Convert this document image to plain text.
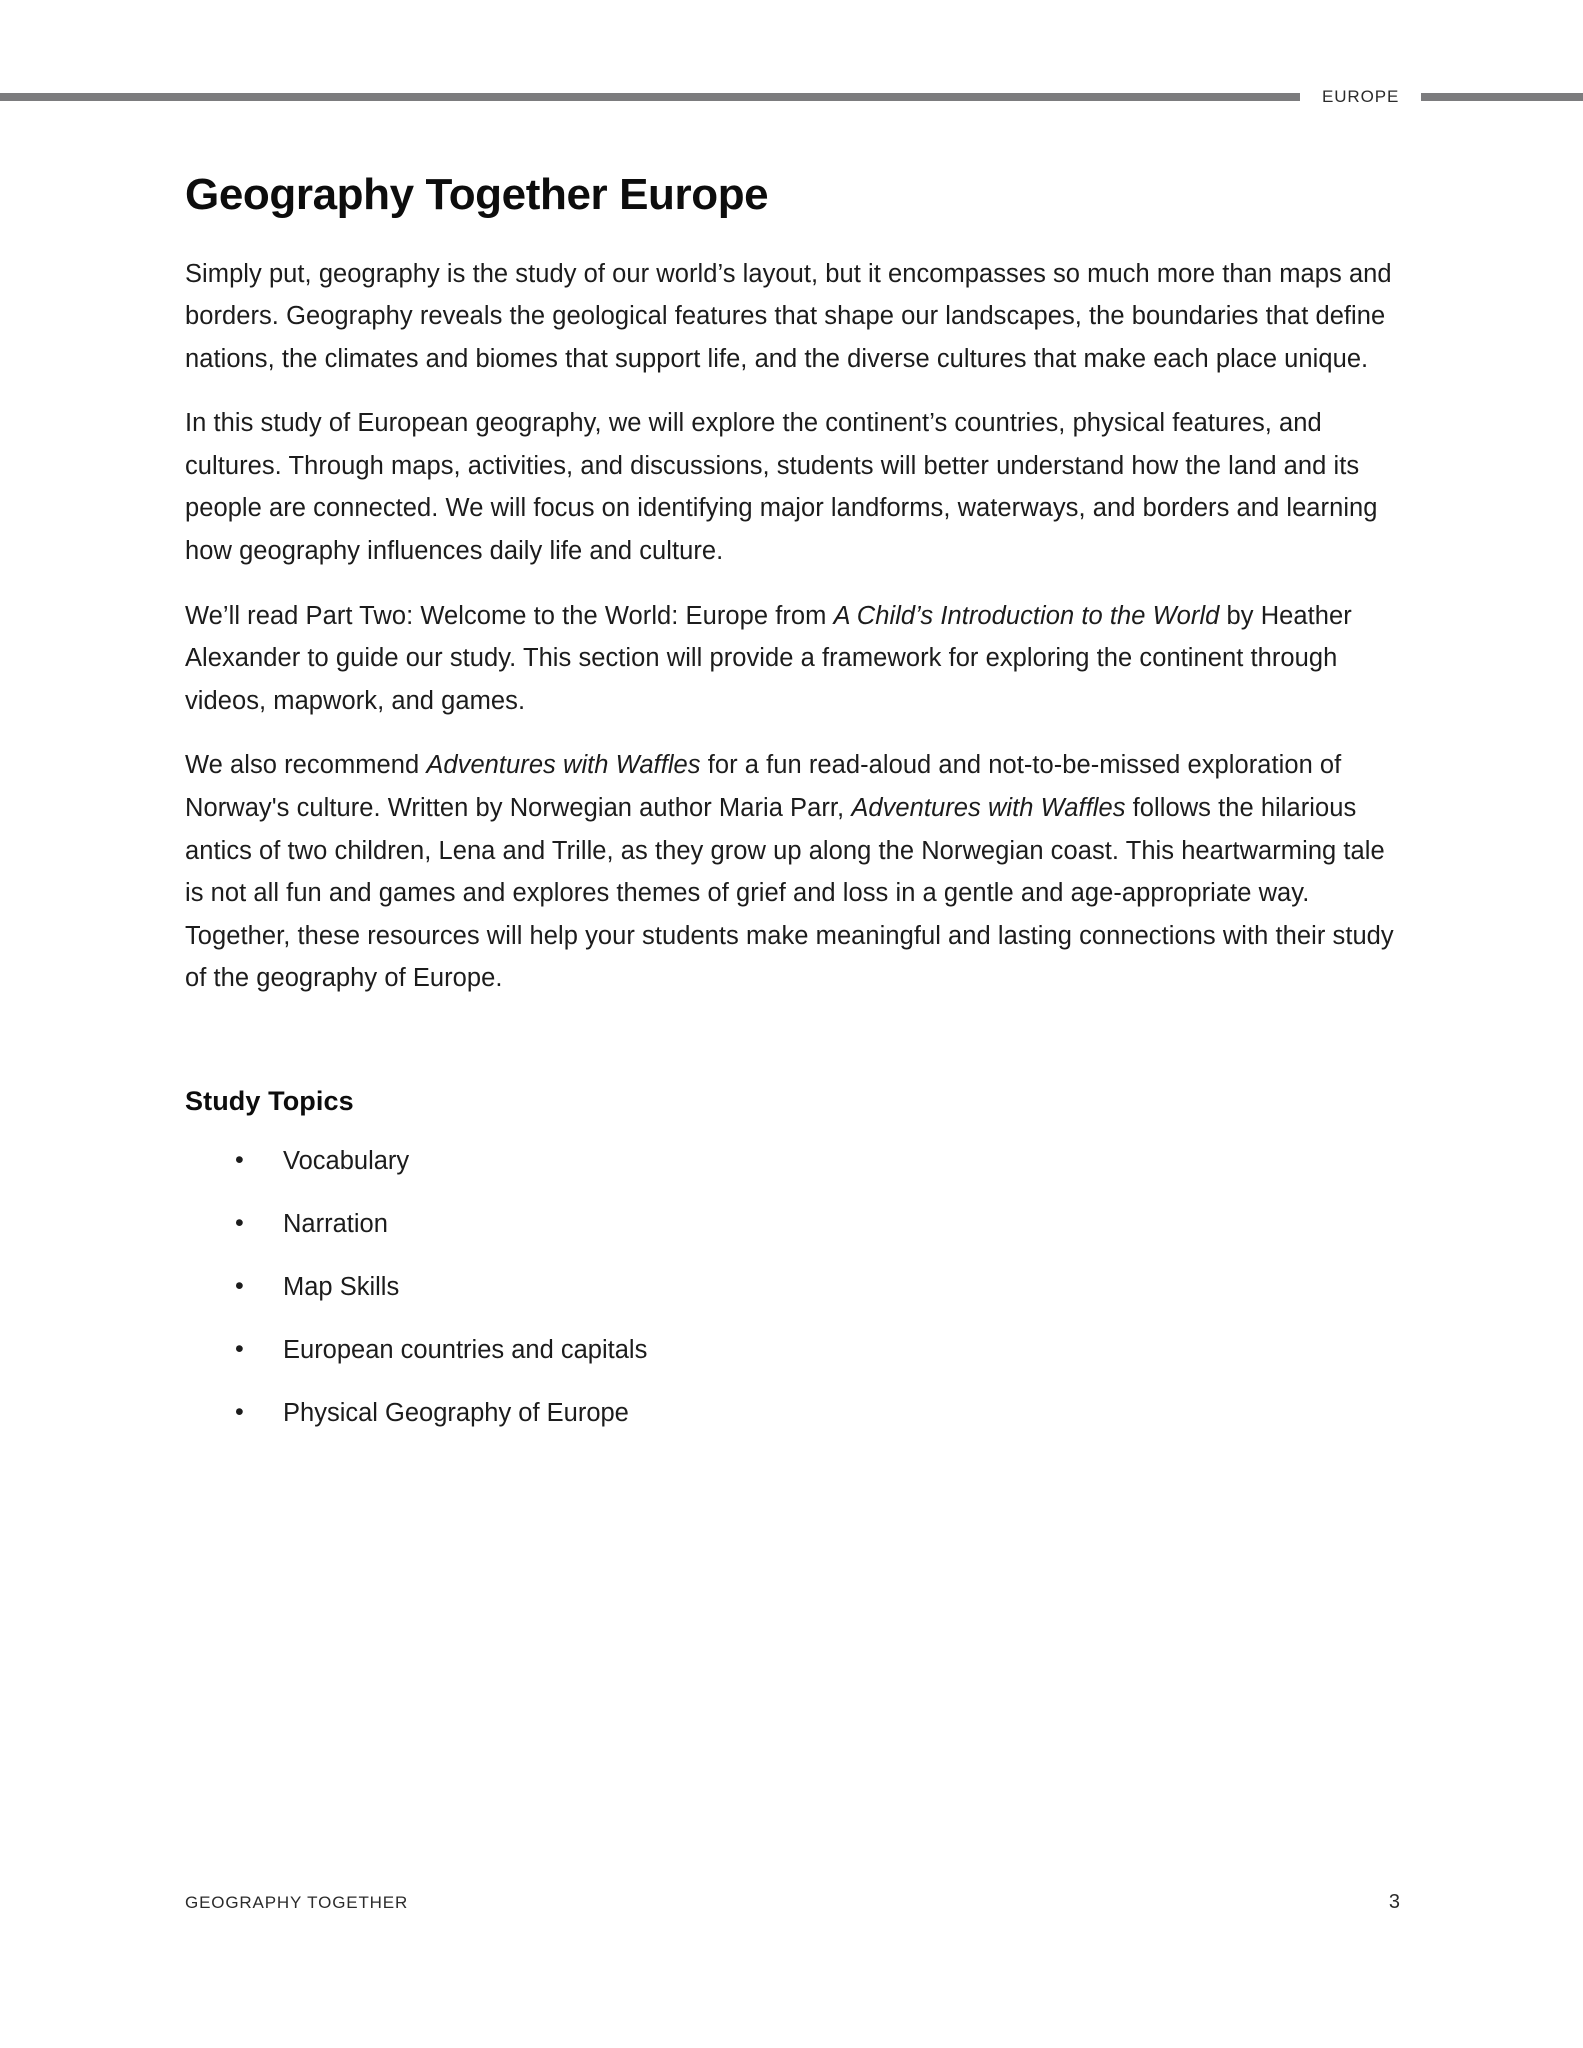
EUROPE
Geography Together Europe

Simply put, geography is the study of our world’s layout, but it encompasses so much more than maps and borders. Geography reveals the geological features that shape our landscapes, the boundaries that define nations, the climates and biomes that support life, and the diverse cultures that make each place unique.

In this study of European geography, we will explore the continent’s countries, physical features, and cultures. Through maps, activities, and discussions, students will better understand how the land and its people are connected. We will focus on identifying major landforms, waterways, and borders and learning how geography influences daily life and culture.

We’ll read Part Two: Welcome to the World: Europe from A Child’s Introduction to the World by Heather Alexander to guide our study. This section will provide a framework for exploring the continent through videos, mapwork, and games.

We also recommend Adventures with Waffles for a fun read-aloud and not-to-be-missed exploration of Norway's culture. Written by Norwegian author Maria Parr, Adventures with Waffles follows the hilarious antics of two children, Lena and Trille, as they grow up along the Norwegian coast. This heartwarming tale is not all fun and games and explores themes of grief and loss in a gentle and age-appropriate way. Together, these resources will help your students make meaningful and lasting connections with their study of the geography of Europe.

Study Topics
• Vocabulary
• Narration
• Map Skills
• European countries and capitals
• Physical Geography of Europe
GEOGRAPHY TOGETHER	3
